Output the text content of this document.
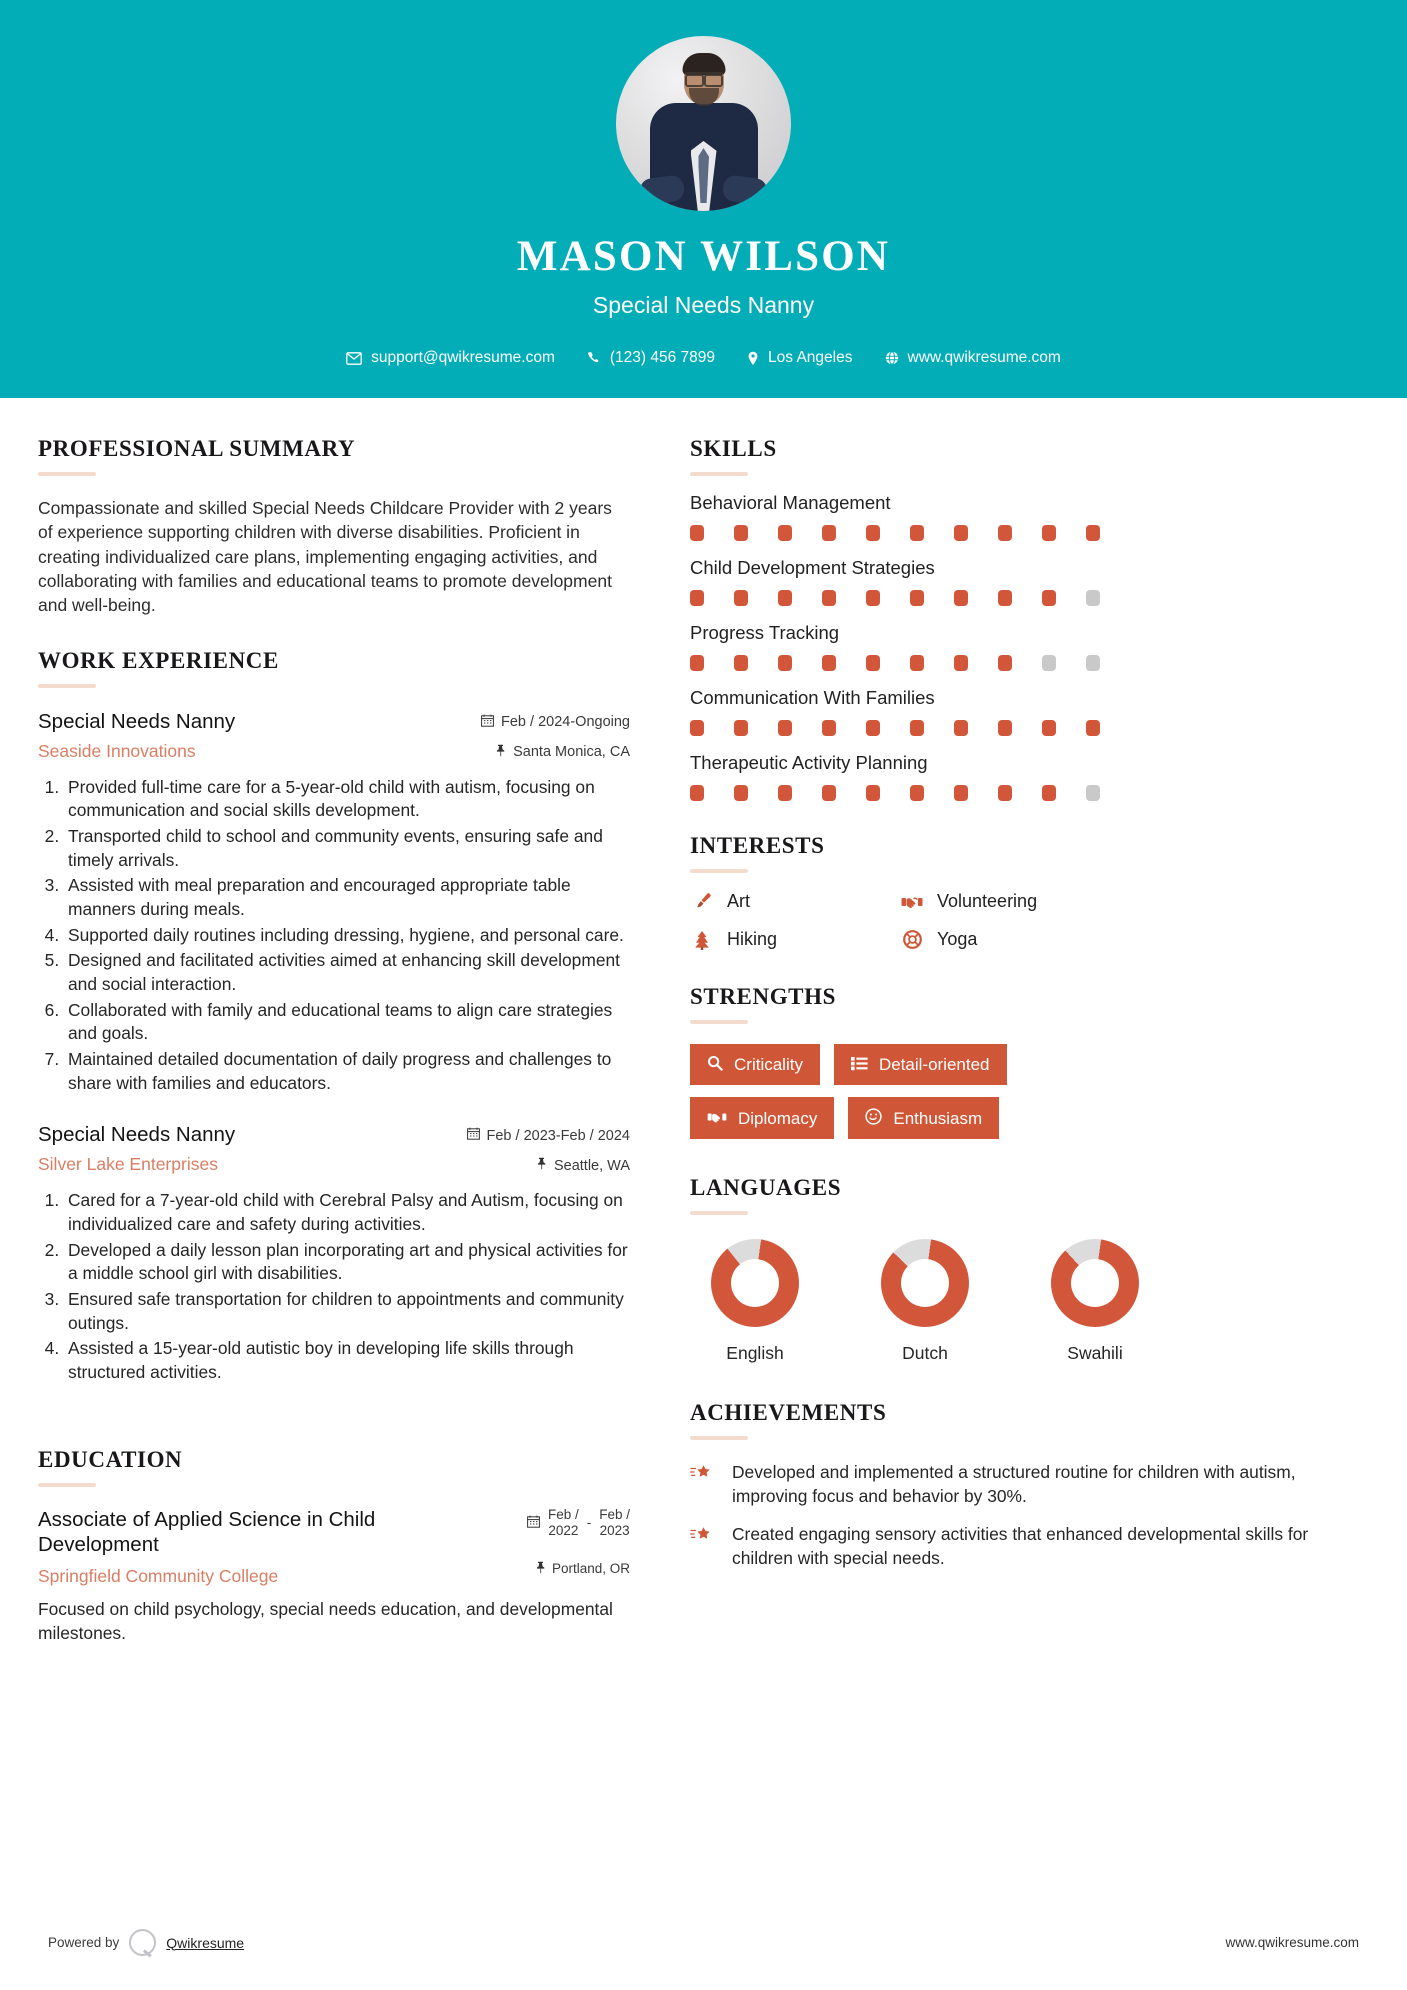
MASON WILSON
Special Needs Nanny
support@qwikresume.com	(123) 456 7899	Los Angeles	www.qwikresume.com
PROFESSIONAL SUMMARY

Compassionate and skilled Special Needs Childcare Provider with 2 years of experience supporting children with diverse disabilities. Proficient in creating individualized care plans, implementing engaging activities, and collaborating with families and educational teams to promote development and well-being.

WORK EXPERIENCE
Special Needs Nanny
Seaside Innovations
Feb / 2024-Ongoing
Santa Monica, CA
1. Provided full-time care for a 5-year-old child with autism, focusing on communication and social skills development.
2. Transported child to school and community events, ensuring safe and timely arrivals.
3. Assisted with meal preparation and encouraged appropriate table manners during meals.
4. Supported daily routines including dressing, hygiene, and personal care.
5. Designed and facilitated activities aimed at enhancing skill development and social interaction.
6. Collaborated with family and educational teams to align care strategies and goals.
7. Maintained detailed documentation of daily progress and challenges to share with families and educators.
Special Needs Nanny
Silver Lake Enterprises
Feb / 2023-Feb / 2024
Seattle, WA
1. Cared for a 7-year-old child with Cerebral Palsy and Autism, focusing on individualized care and safety during activities.
2. Developed a daily lesson plan incorporating art and physical activities for a middle school girl with disabilities.
3. Ensured safe transportation for children to appointments and community outings.
4. Assisted a 15-year-old autistic boy in developing life skills through structured activities.
EDUCATION
Associate of Applied Science in Child Development
Springfield Community College
Feb /
2022 -
Feb /
2023
Portland, OR

Focused on child psychology, special needs education, and developmental milestones.

SKILLS
Behavioral Management
Child Development Strategies
Progress Tracking
Communication With Families
Therapeutic Activity Planning
INTERESTS
Art	Volunteering
Hiking	Yoga
STRENGTHS
Criticality	Detail-oriented
Diplomacy	Enthusiasm
LANGUAGES
English	Dutch	Swahili
ACHIEVEMENTS
Developed and implemented a structured routine for children with autism, improving focus and behavior by 30%.
Created engaging sensory activities that enhanced developmental skills for children with special needs.
Powered by	Qwikresume	www.qwikresume.com
